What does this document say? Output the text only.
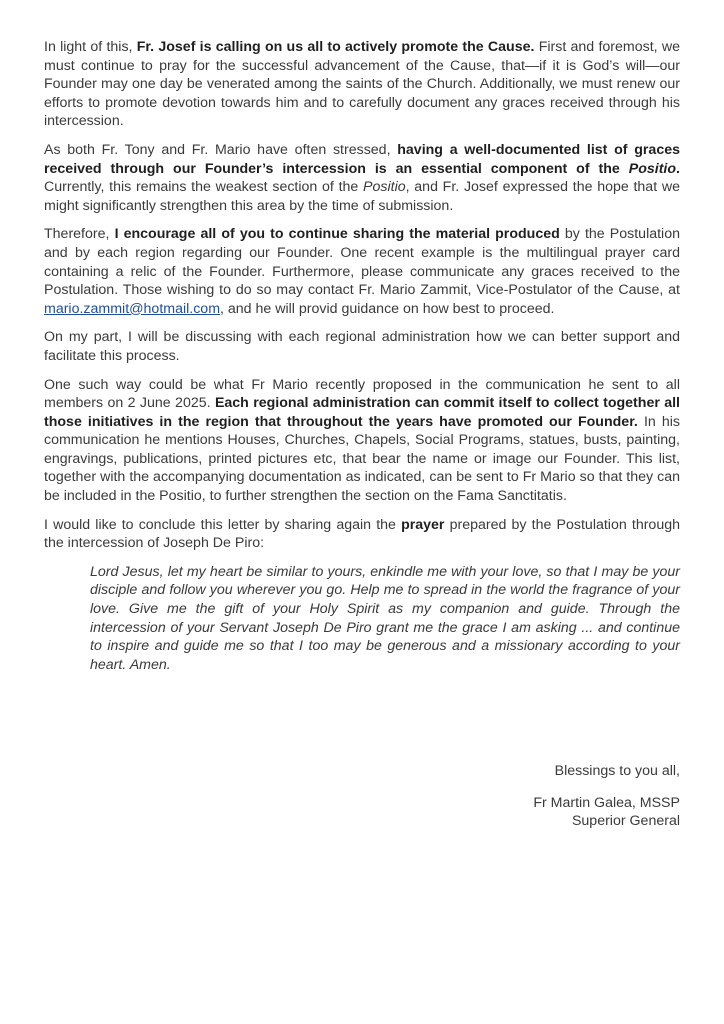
In light of this, Fr. Josef is calling on us all to actively promote the Cause. First and foremost, we must continue to pray for the successful advancement of the Cause, that—if it is God’s will—our Founder may one day be venerated among the saints of the Church. Additionally, we must renew our efforts to promote devotion towards him and to carefully document any graces received through his intercession.

As both Fr. Tony and Fr. Mario have often stressed, having a well-documented list of graces received through our Founder’s intercession is an essential component of the Positio. Currently, this remains the weakest section of the Positio, and Fr. Josef expressed the hope that we might significantly strengthen this area by the time of submission.

Therefore, I encourage all of you to continue sharing the material produced by the Postulation and by each region regarding our Founder. One recent example is the multilingual prayer card containing a relic of the Founder. Furthermore, please communicate any graces received to the Postulation. Those wishing to do so may contact Fr. Mario Zammit, Vice-Postulator of the Cause, at mario.zammit@hotmail.com, and he will provid guidance on how best to proceed.

On my part, I will be discussing with each regional administration how we can better support and facilitate this process.

One such way could be what Fr Mario recently proposed in the communication he sent to all members on 2 June 2025. Each regional administration can commit itself to collect together all those initiatives in the region that throughout the years have promoted our Founder. In his communication he mentions Houses, Churches, Chapels, Social Programs, statues, busts, painting, engravings, publications, printed pictures etc, that bear the name or image our Founder. This list, together with the accompanying documentation as indicated, can be sent to Fr Mario so that they can be included in the Positio, to further strengthen the section on the Fama Sanctitatis.

I would like to conclude this letter by sharing again the prayer prepared by the Postulation through the intercession of Joseph De Piro:

Lord Jesus, let my heart be similar to yours, enkindle me with your love, so that I may be your disciple and follow you wherever you go. Help me to spread in the world the fragrance of your love. Give me the gift of your Holy Spirit as my companion and guide. Through the intercession of your Servant Joseph De Piro grant me the grace I am asking ... and continue to inspire and guide me so that I too may be generous and a missionary according to your heart. Amen.

Blessings to you all,
Fr Martin Galea, MSSP
Superior General
